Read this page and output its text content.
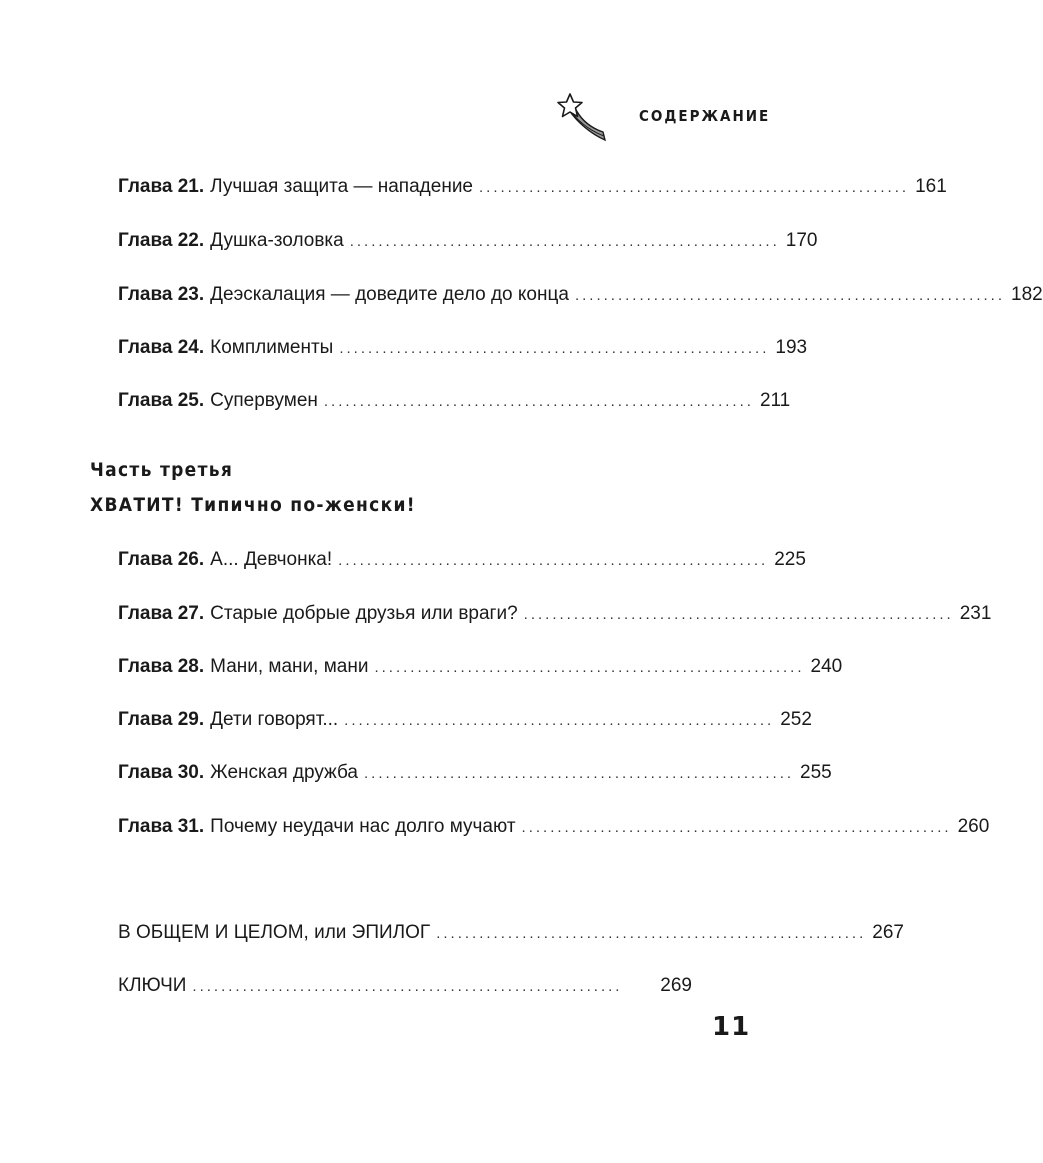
СОДЕРЖАНИЕ
Глава 21. Лучшая защита — нападение ............................................................ 161
Глава 22. Душка-золовка ............................................................ 170
Глава 23. Деэскалация — доведите дело до конца ............................................................ 182
Глава 24. Комплименты ............................................................ 193
Глава 25. Супервумен ............................................................ 211
Часть третья
ХВАТИТ! Типично по-женски!
Глава 26. А... Девчонка! ............................................................ 225
Глава 27. Старые добрые друзья или враги? ............................................................ 231
Глава 28. Мани, мани, мани ............................................................ 240
Глава 29. Дети говорят... ............................................................ 252
Глава 30. Женская дружба ............................................................ 255
Глава 31. Почему неудачи нас долго мучают ............................................................ 260
В ОБЩЕМ И ЦЕЛОМ, или ЭПИЛОГ ............................................................ 267
КЛЮЧИ ............................................................	269
11
